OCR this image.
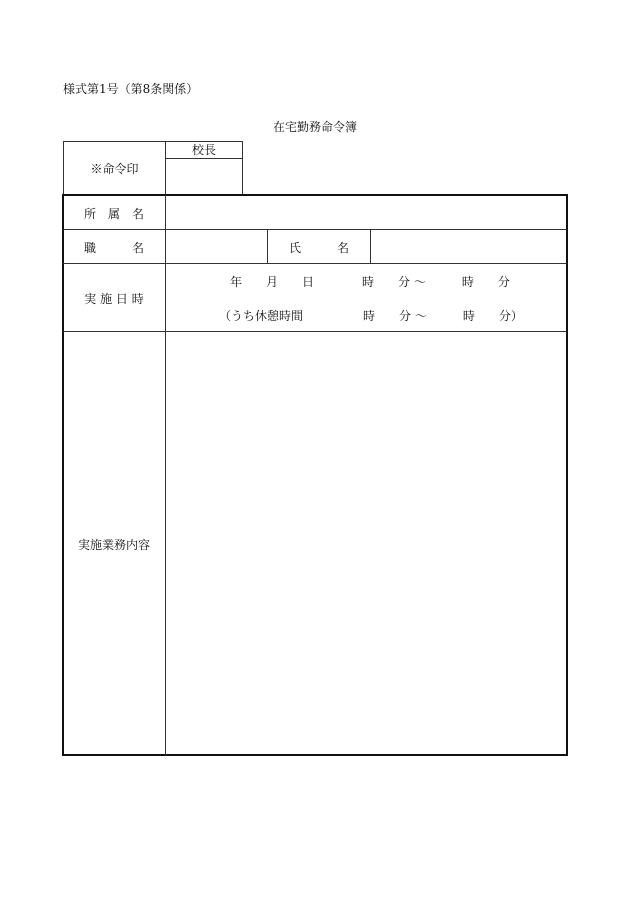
様式第1号（第8条関係）
在宅勤務命令簿
※命令印
校長
所　属　名
職　　　名	氏　　　名
実 施 日 時
年　　月　　日　　　　時　　分 ～　　　時　　分
（うち休憩時間　　　　　時　　分 ～　　　時　　分）
実施業務内容
